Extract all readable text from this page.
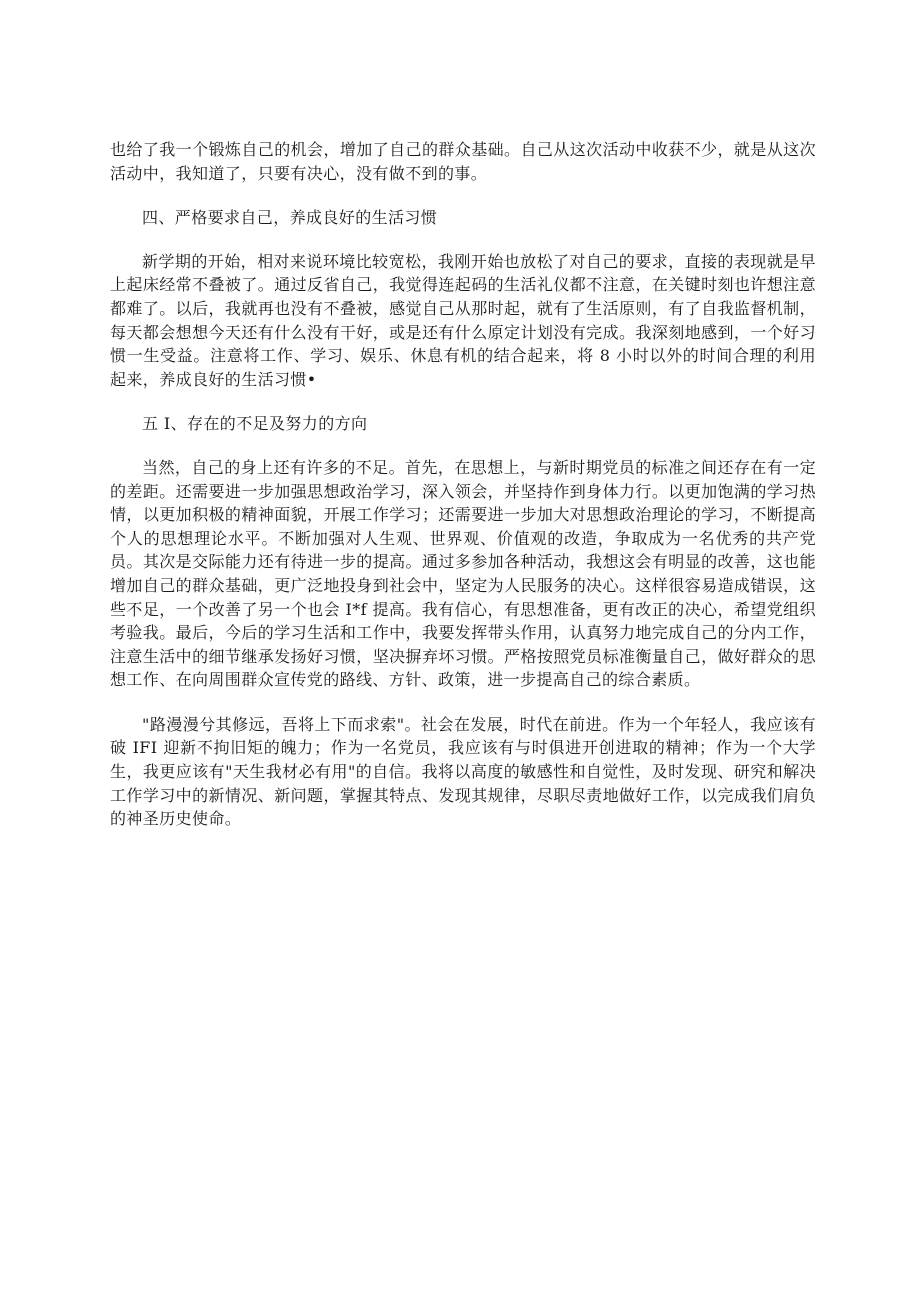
也给了我一个锻炼自己的机会，增加了自己的群众基础。自己从这次活动中收获不少，就是从这次活动中，我知道了，只要有决心，没有做不到的事。

四、严格要求自己，养成良好的生活习惯

新学期的开始，相对来说环境比较宽松，我刚开始也放松了对自己的要求，直接的表现就是早上起床经常不叠被了。通过反省自己，我觉得连起码的生活礼仪都不注意，在关键时刻也许想注意都难了。以后，我就再也没有不叠被，感觉自己从那时起，就有了生活原则，有了自我监督机制，每天都会想想今天还有什么没有干好，或是还有什么原定计划没有完成。我深刻地感到，一个好习惯一生受益。注意将工作、学习、娱乐、休息有机的结合起来，将 8 小时以外的时间合理的利用起来，养成良好的生活习惯•

五 I、存在的不足及努力的方向

当然，自己的身上还有许多的不足。首先，在思想上，与新时期党员的标准之间还存在有一定的差距。还需要进一步加强思想政治学习，深入领会，并坚持作到身体力行。以更加饱满的学习热情，以更加积极的精神面貌，开展工作学习；还需要进一步加大对思想政治理论的学习，不断提高个人的思想理论水平。不断加强对人生观、世界观、价值观的改造，争取成为一名优秀的共产党员。其次是交际能力还有待进一步的提高。通过多参加各种活动，我想这会有明显的改善，这也能增加自己的群众基础，更广泛地投身到社会中，坚定为人民服务的决心。这样很容易造成错误，这些不足，一个改善了另一个也会 I*f 提高。我有信心，有思想准备，更有改正的决心，希望党组织考验我。最后，今后的学习生活和工作中，我要发挥带头作用，认真努力地完成自己的分内工作，注意生活中的细节继承发扬好习惯，坚决摒弃坏习惯。严格按照党员标准衡量自己，做好群众的思想工作、在向周围群众宣传党的路线、方针、政策，进一步提高自己的综合素质。

"路漫漫兮其修远，吾将上下而求索"。社会在发展，时代在前进。作为一个年轻人，我应该有破 IFI 迎新不拘旧矩的魄力；作为一名党员，我应该有与时俱进开创进取的精神；作为一个大学生，我更应该有"天生我材必有用"的自信。我将以高度的敏感性和自觉性，及时发现、研究和解决工作学习中的新情况、新问题，掌握其特点、发现其规律，尽职尽责地做好工作，以完成我们肩负的神圣历史使命。
